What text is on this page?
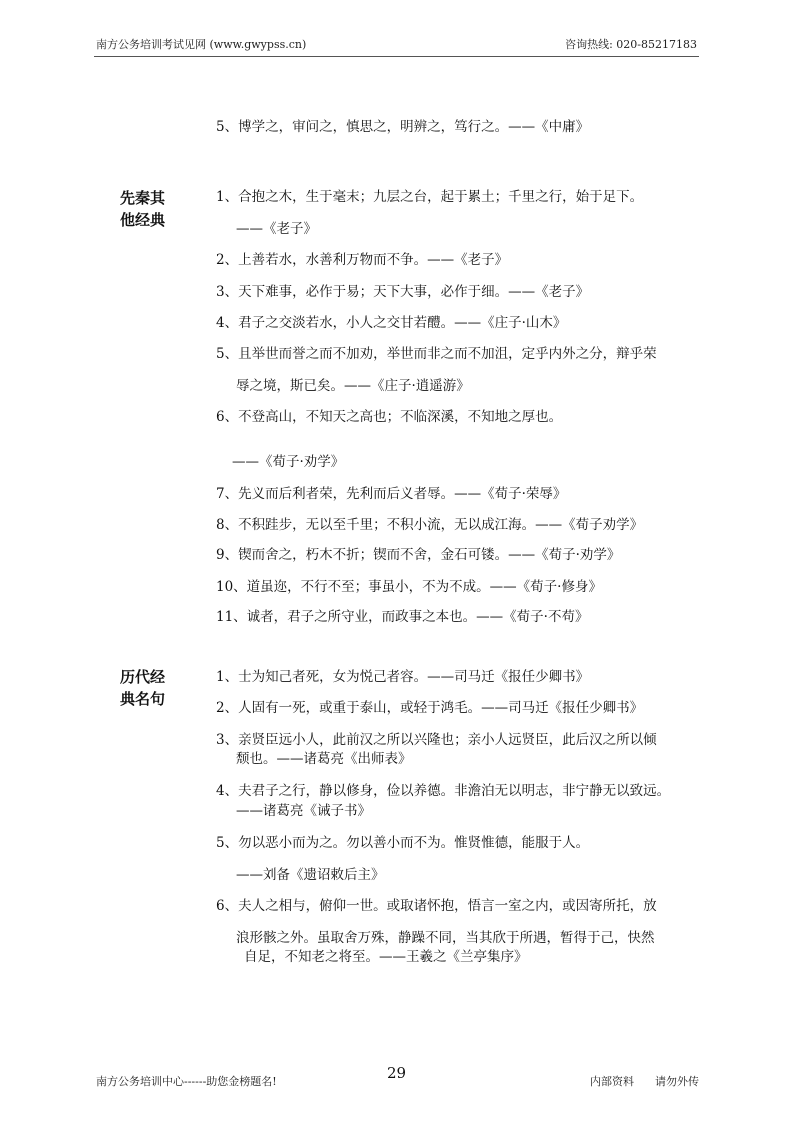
南方公务培训考试见网 (www.gwypss.cn)	咨询热线: 020-85217183
先秦其他经典
历代经典名句
5、博学之，审问之，慎思之，明辨之，笃行之。——《中庸》
1、合抱之木，生于毫末；九层之台，起于累土；千里之行，始于足下。
——《老子》
2、上善若水，水善利万物而不争。——《老子》
3、天下难事，必作于易；天下大事，必作于细。——《老子》
4、君子之交淡若水，小人之交甘若醴。——《庄子·山木》
5、且举世而誉之而不加劝，举世而非之而不加沮，定乎内外之分，辩乎荣
辱之境，斯已矣。——《庄子·逍遥游》
6、不登高山，不知天之高也；不临深溪，不知地之厚也。
——《荀子·劝学》
7、先义而后利者荣，先利而后义者辱。——《荀子·荣辱》
8、不积跬步，无以至千里；不积小流，无以成江海。——《荀子劝学》
9、锲而舍之，朽木不折；锲而不舍，金石可镂。——《荀子·劝学》
10、道虽迩，不行不至；事虽小，不为不成。——《荀子·修身》
11、诚者，君子之所守业，而政事之本也。——《荀子·不苟》
1、士为知己者死，女为悦己者容。——司马迁《报任少卿书》
2、人固有一死，或重于泰山，或轻于鸿毛。——司马迁《报任少卿书》
3、亲贤臣远小人，此前汉之所以兴隆也；亲小人远贤臣，此后汉之所以倾
颓也。——诸葛亮《出师表》
4、夫君子之行，静以修身，俭以养德。非澹泊无以明志，非宁静无以致远。
——诸葛亮《诫子书》
5、勿以恶小而为之。勿以善小而不为。惟贤惟德，能服于人。
——刘备《遗诏敕后主》
6、夫人之相与，俯仰一世。或取诸怀抱，悟言一室之内，或因寄所托，放
浪形骸之外。虽取舍万殊，静躁不同，当其欣于所遇，暂得于己，快然
自足，不知老之将至。——王羲之《兰亭集序》
南方公务培训中心------助您金榜题名!	29	内部资料 请勿外传
